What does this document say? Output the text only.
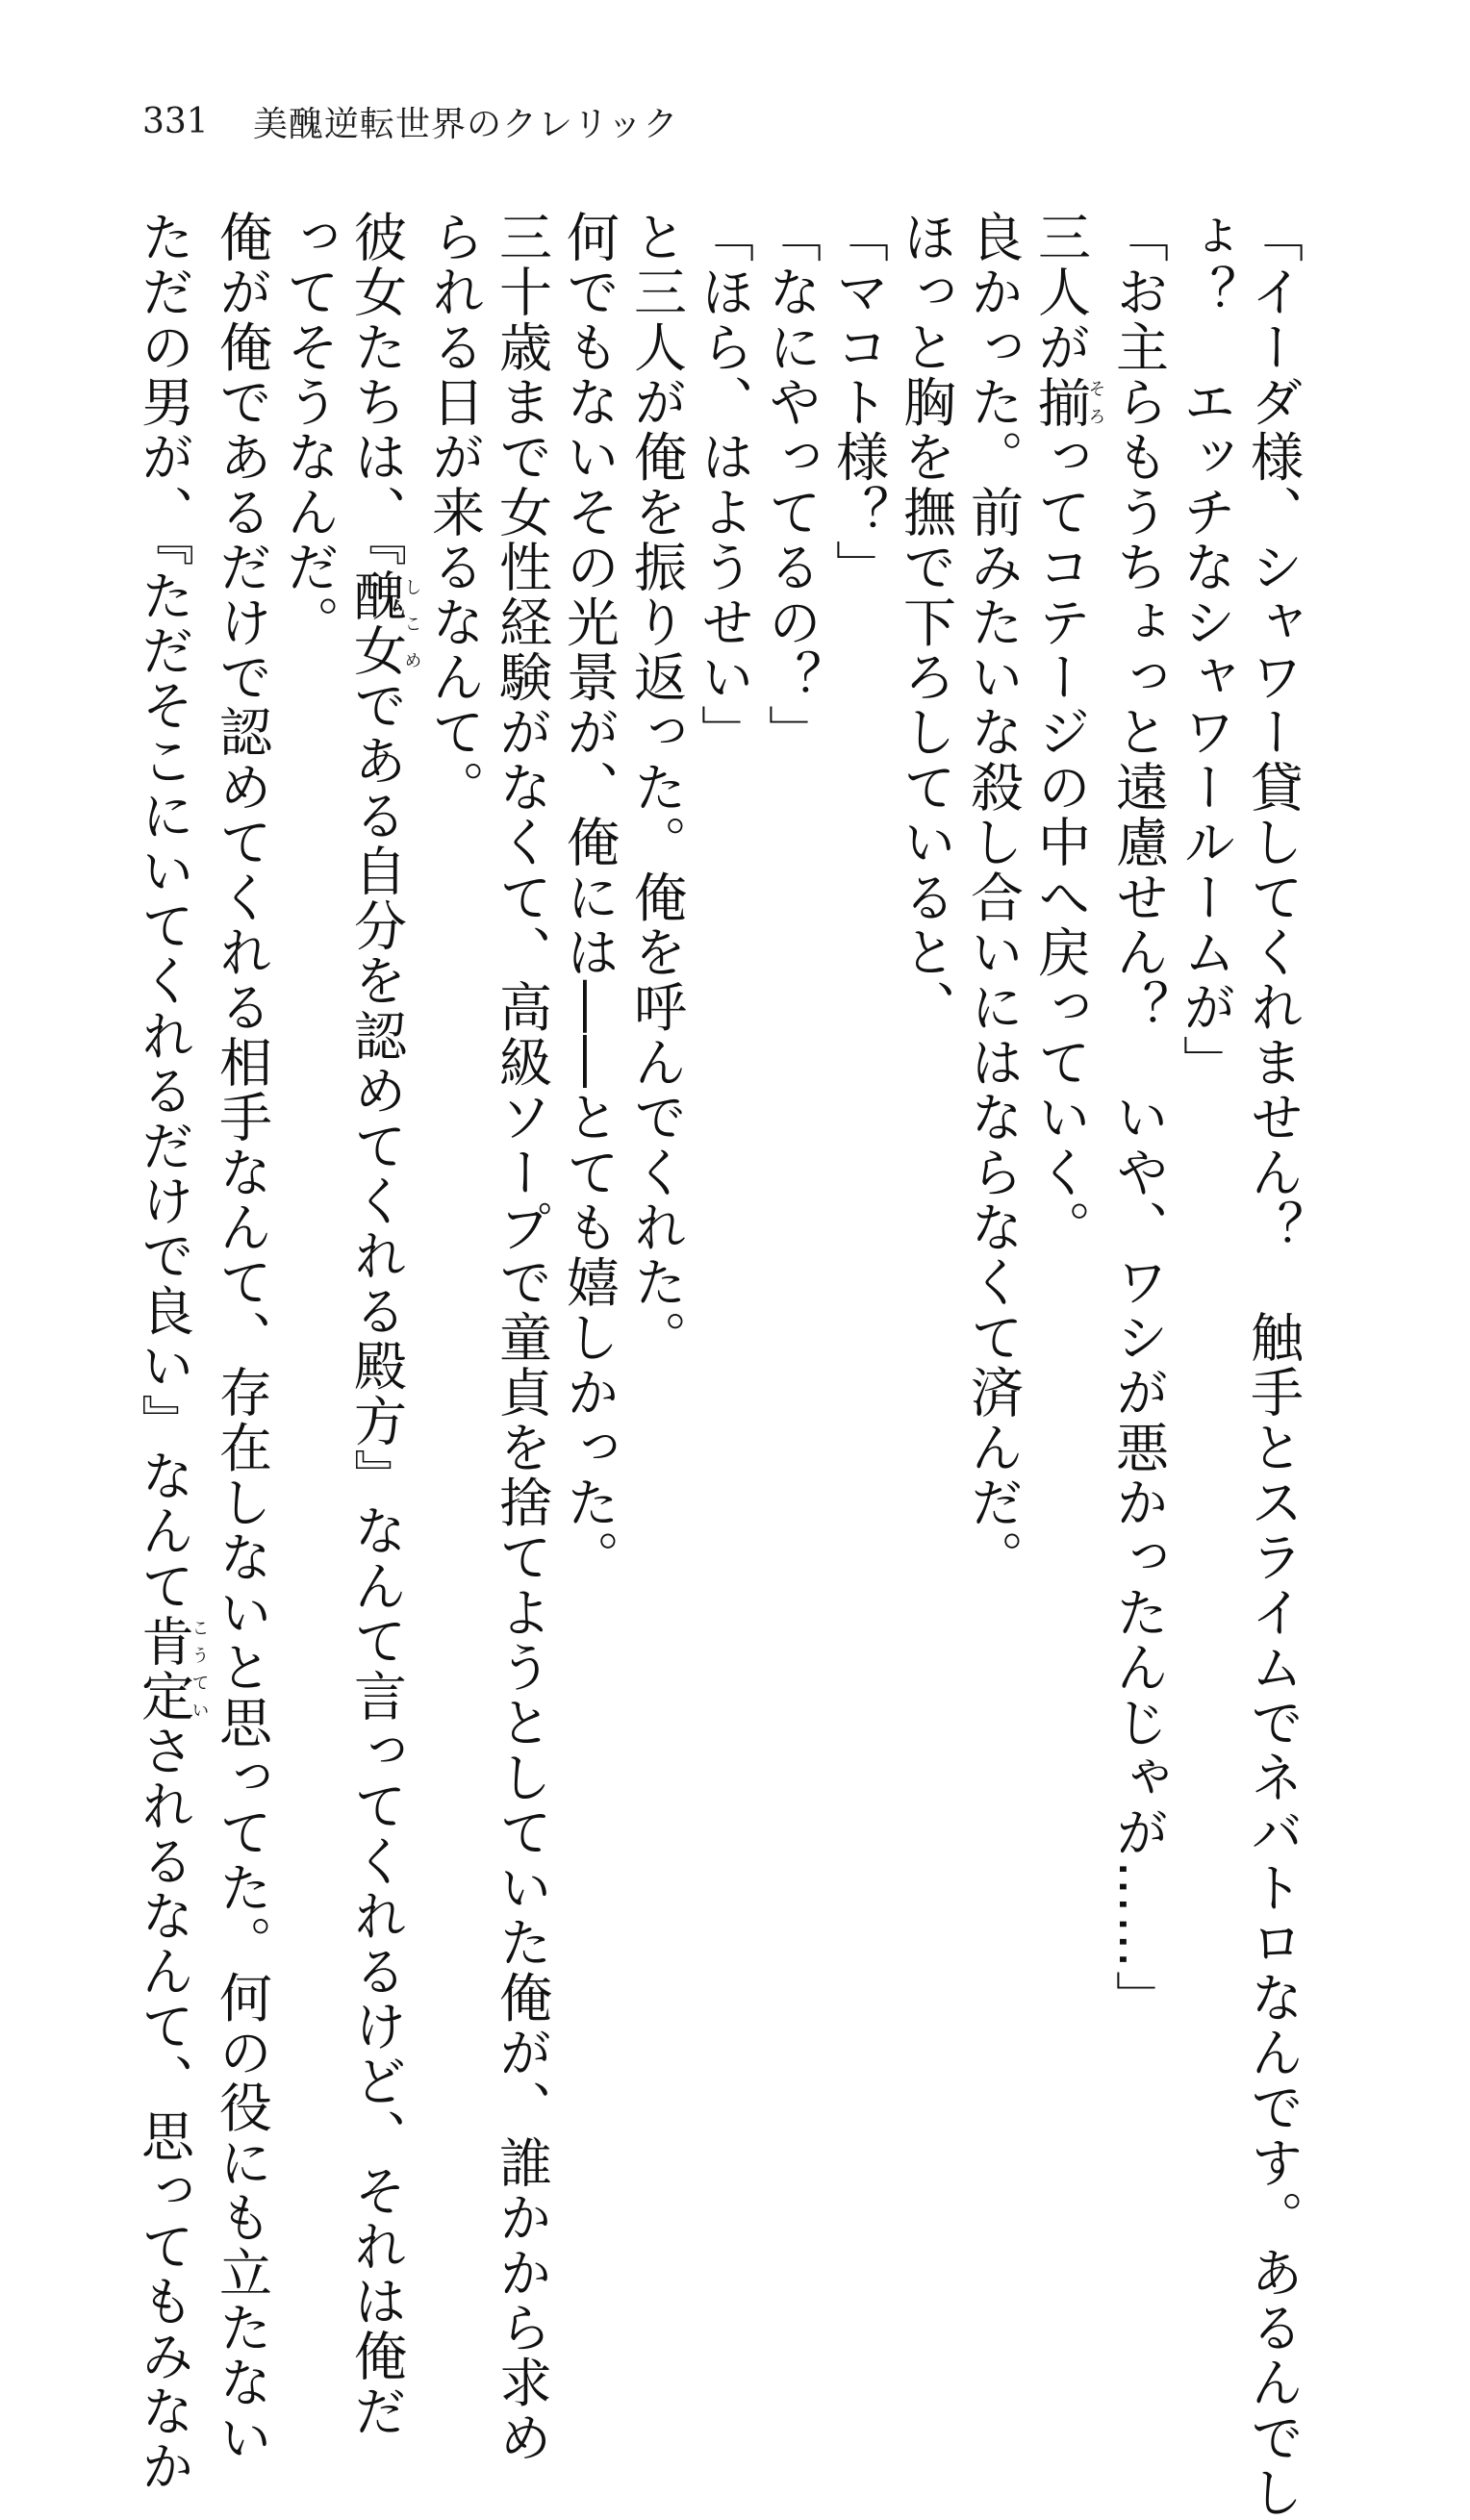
331	美醜逆転世界のクレリック
「イーダ様、シャワー貸してくれません？　触手とスライムでネバトロなんです。あるんでし
ょ？　エッチなシャワールームが」
「お主らもうちょっと遠慮せん？　いや、ワシが悪かったんじゃが……」
三人が揃そろってコテージの中へ戻っていく。
良かった。前みたいな殺し合いにはならなくて済んだ。
ほっと胸を撫で下ろしていると、
「マコト様？」
「なにやってるの？」
「ほら、はようせい」
と三人が俺を振り返った。俺を呼んでくれた。
何でもないその光景が、俺には――とても嬉しかった。
三十歳まで女性経験がなくて、高級ソープで童貞を捨てようとしていた俺が、誰かから求め
られる日が来るなんて。
彼女たちは、『醜女しこめである自分を認めてくれる殿方』なんて言ってくれるけど、それは俺だ
ってそうなんだ。
俺が俺であるだけで認めてくれる相手なんて、存在しないと思ってた。何の役にも立たない
ただの男が、『ただそこにいてくれるだけで良い』なんて肯定こうていされるなんて、思ってもみなか
